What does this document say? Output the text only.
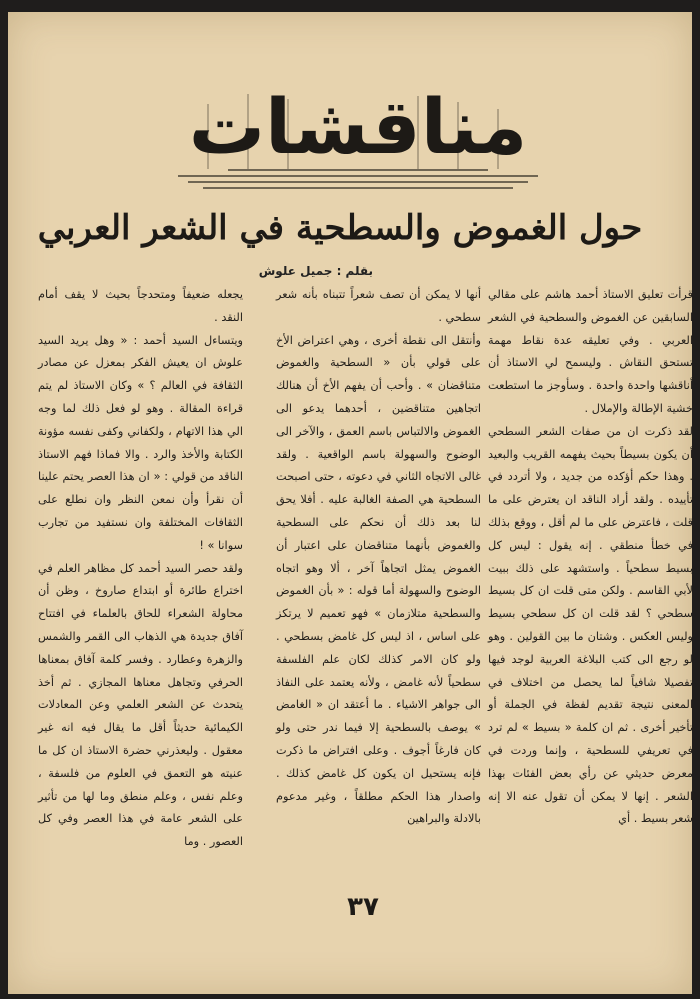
مناقشات
حول الغموض والسطحية في الشعر العربي
بقلم : جميل علوش

قرأت تعليق الاستاذ أحمد هاشم على مقالي السابقين عن الغموض والسطحية في الشعر العربي . وفي تعليقه عدة نقاط مهمة تستحق النقاش . وليسمح لي الاستاذ أن أناقشها واحدة واحدة . وسأوجز ما استطعت خشية الإطالة والإملال .
لقد ذكرت ان من صفات الشعر السطحي أن يكون بسيطاً بحيث يفهمه القريب والبعيد . وهذا حكم أؤكده من جديد ، ولا أتردد في تأييده . ولقد أراد الناقد ان يعترض على ما قلت ، فاعترض على ما لم أقل ، ووقع بذلك في خطأ منطقي . إنه يقول : ليس كل بسيط سطحياً . واستشهد على ذلك ببيت لأبي القاسم . ولكن متى قلت ان كل بسيط سطحي ؟ لقد قلت ان كل سطحي بسيط وليس العكس . وشتان ما بين القولين . وهو لو رجع الى كتب البلاغة العربية لوجد فيها تفصيلا شافياً لما يحصل من اختلاف في المعنى نتيجة تقديم لفظة في الجملة أو تأخير أخرى . ثم ان كلمة « بسيط » لم ترد في تعريفي للسطحية ، وإنما وردت في معرض حديثي عن رأي بعض الفئات بهذا الشعر . إنها لا يمكن أن تقول عنه الا إنه شعر بسيط . أي

أنها لا يمكن أن تصف شعراً تتبناه بأنه شعر سطحي .
وأنتقل الى نقطة أخرى ، وهي اعتراض الأخ على قولي بأن « السطحية والغموض متناقضان » . وأحب أن يفهم الأخ أن هنالك اتجاهين متناقضين ، أحدهما يدعو الى الغموض والالتباس باسم العمق ، والآخر الى الوضوح والسهولة باسم الواقعية . ولقد غالى الاتجاه الثاني في دعوته ، حتى اصبحت السطحية هي الصفة الغالبة عليه . أفلا يحق لنا بعد ذلك أن نحكم على السطحية والغموض بأنهما متناقضان على اعتبار أن الغموض يمثل اتجاهاً آخر ، ألا وهو اتجاه الوضوح والسهولة أما قوله : « بأن الغموض والسطحية متلازمان » فهو تعميم لا يرتكز على اساس ، اذ ليس كل غامض بسطحي . ولو كان الامر كذلك لكان علم الفلسفة سطحياً لأنه غامض ، ولأنه يعتمد على النفاذ الى جواهر الاشياء . ما أعتقد ان « الغامض » يوصف بالسطحية إلا فيما ندر حتى ولو كان فارغاً أجوف . وعلى افتراض ما ذكرت فإنه يستحيل ان يكون كل غامض كذلك . واصدار هذا الحكم مطلقاً ، وغير مدعوم بالادلة والبراهين

يجعله ضعيفاً ومتحدجاً بحيث لا يقف أمام النقد .
ويتساءل السيد أحمد : « وهل يريد السيد علوش ان يعيش الفكر بمعزل عن مصادر الثقافة في العالم ؟ » وكان الاستاذ لم يتم قراءة المقالة . وهو لو فعل ذلك لما وجه الي هذا الاتهام ، ولكفاني وكفى نفسه مؤونة الكتابة والأخذ والرد . والا فماذا فهم الاستاذ الناقد من قولي : « ان هذا العصر يحتم علينا أن نقرأ وأن نمعن النظر وان نطلع على الثقافات المختلفة وان نستفيد من تجارب سوانا » !
ولقد حصر السيد أحمد كل مظاهر العلم في اختراع طائرة أو ابتداع صاروخ ، وظن أن محاولة الشعراء للحاق بالعلماء في افتتاح آفاق جديدة هي الذهاب الى القمر والشمس والزهرة وعطارد . وفسر كلمة آفاق بمعناها الحرفي وتجاهل معناها المجازي . ثم أخذ يتحدث عن الشعر العلمي وعن المعادلات الكيمائية حديثاً أقل ما يقال فيه انه غير معقول . وليعذرني حضرة الاستاذ ان كل ما عنيته هو التعمق في العلوم من فلسفة ، وعلم نفس ، وعلم منطق وما لها من تأثير على الشعر عامة في هذا العصر وفي كل العصور . وما

٣٧
